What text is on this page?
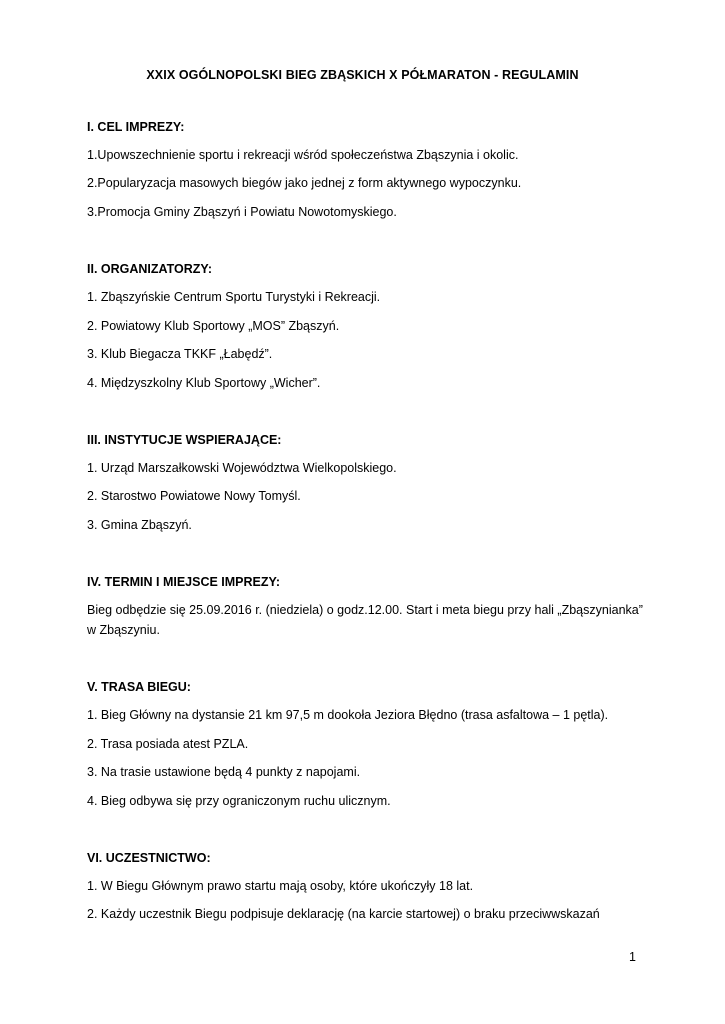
XXIX OGÓLNOPOLSKI BIEG ZBĄSKICH X PÓŁMARATON - REGULAMIN
I. CEL IMPREZY:
1.Upowszechnienie sportu i rekreacji wśród społeczeństwa Zbąszynia i okolic.
2.Popularyzacja masowych biegów jako jednej z form aktywnego wypoczynku.
3.Promocja Gminy Zbąszyń i Powiatu Nowotomyskiego.
II. ORGANIZATORZY:
1. Zbąszyńskie Centrum Sportu Turystyki i Rekreacji.
2. Powiatowy Klub Sportowy „MOS” Zbąszyń.
3. Klub Biegacza TKKF „Łabędź”.
4. Międzyszkolny Klub Sportowy „Wicher”.
III. INSTYTUCJE WSPIERAJĄCE:
1. Urząd Marszałkowski Województwa Wielkopolskiego.
2. Starostwo Powiatowe Nowy Tomyśl.
3. Gmina Zbąszyń.
IV. TERMIN I MIEJSCE IMPREZY:
Bieg odbędzie się 25.09.2016 r. (niedziela) o godz.12.00. Start i meta biegu przy hali „Zbąszynianka”
w Zbąszyniu.
V. TRASA BIEGU:
1. Bieg Główny na dystansie 21 km 97,5 m dookoła Jeziora Błędno (trasa asfaltowa – 1 pętla).
2. Trasa posiada atest PZLA.
3. Na trasie ustawione będą 4 punkty z napojami.
4. Bieg odbywa się przy ograniczonym ruchu ulicznym.
VI. UCZESTNICTWO:
1. W Biegu Głównym prawo startu mają osoby, które ukończyły 18 lat.
2. Każdy uczestnik Biegu podpisuje deklarację (na karcie startowej) o braku przeciwwskazań
1
